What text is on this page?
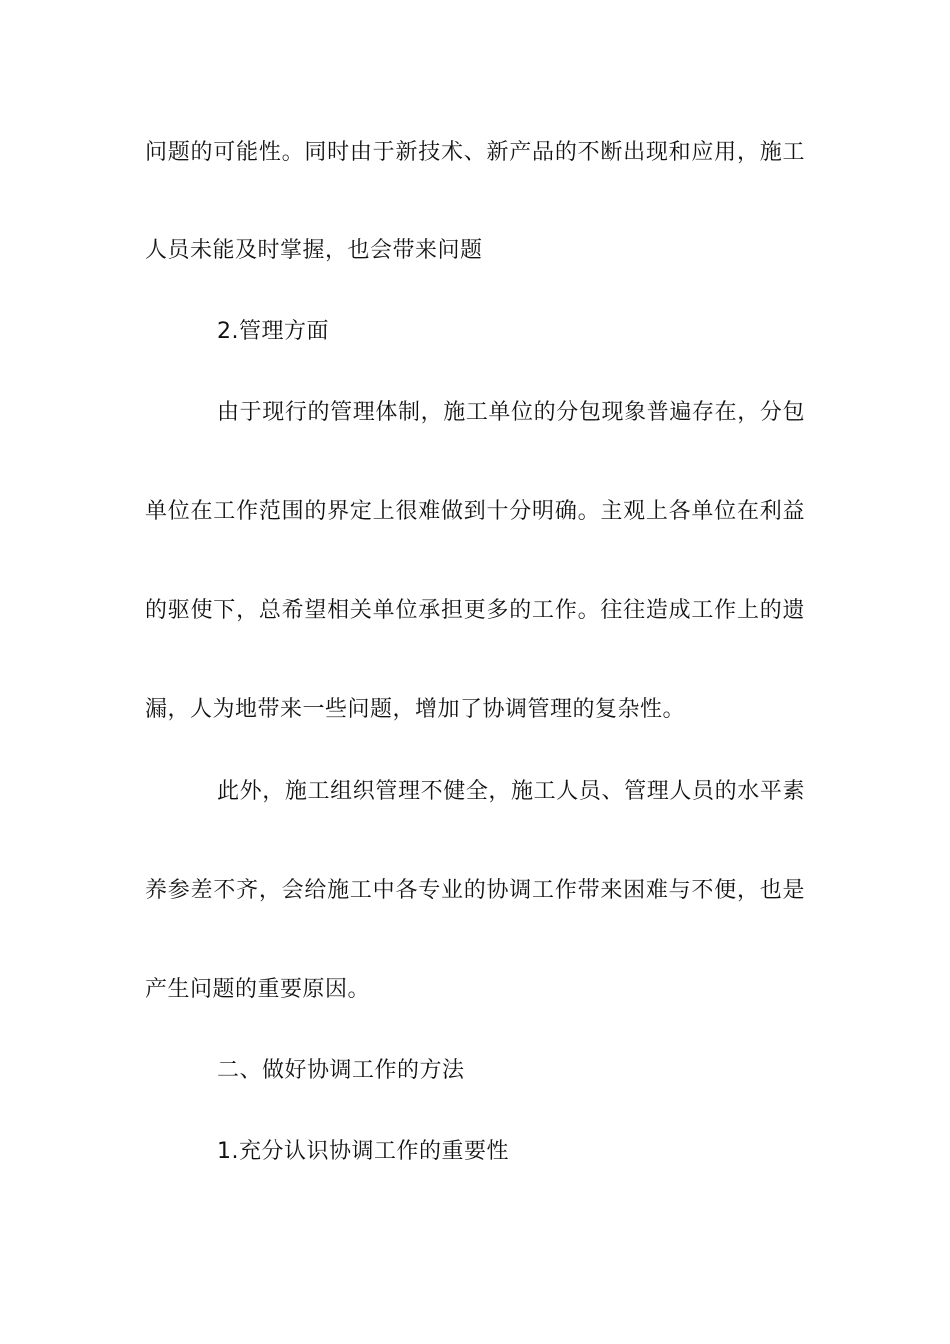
问题的可能性。同时由于新技术、新产品的不断出现和应用，施工
人员未能及时掌握，也会带来问题
2.管理方面
由于现行的管理体制，施工单位的分包现象普遍存在，分包
单位在工作范围的界定上很难做到十分明确。主观上各单位在利益
的驱使下，总希望相关单位承担更多的工作。往往造成工作上的遗
漏，人为地带来一些问题，增加了协调管理的复杂性。
此外，施工组织管理不健全，施工人员、管理人员的水平素
养参差不齐，会给施工中各专业的协调工作带来困难与不便，也是
产生问题的重要原因。
二、做好协调工作的方法
1.充分认识协调工作的重要性
